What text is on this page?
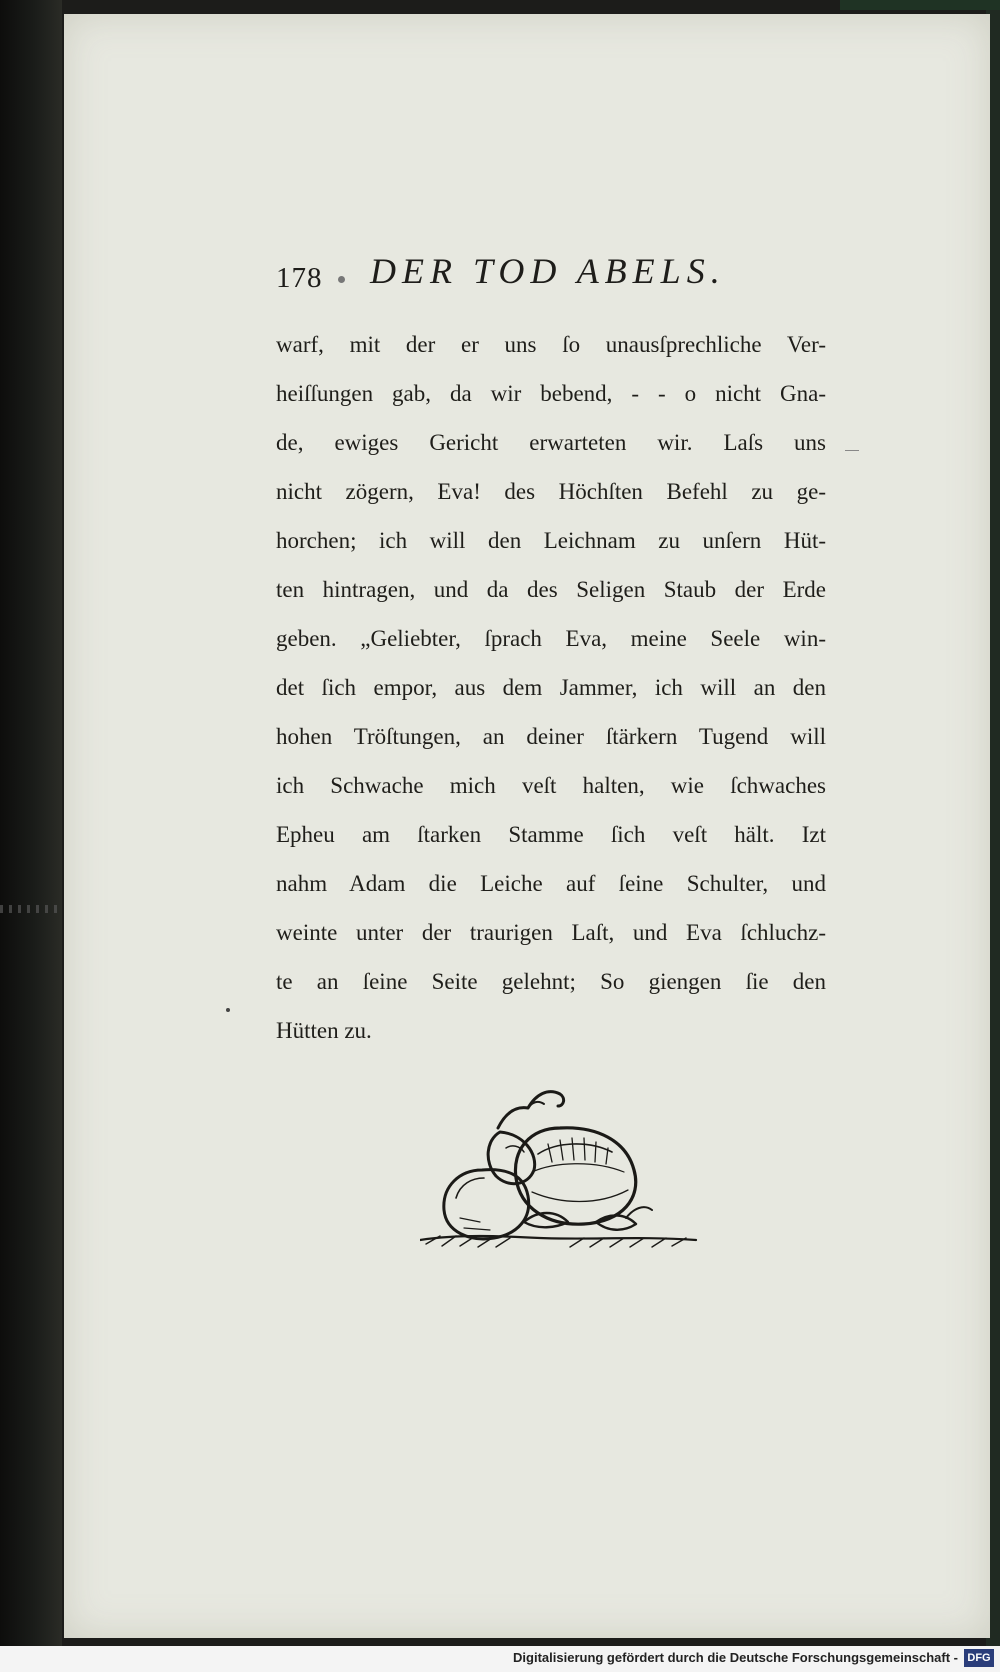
178 DER TOD ABELS.
warf, mit der er uns ſo unausſprechliche Ver-
heiſſungen gab, da wir bebend, - - o nicht Gna-
de, ewiges Gericht erwarteten wir. Laſs uns
nicht zögern, Eva! des Höchſten Befehl zu ge-
horchen; ich will den Leichnam zu unſern Hüt-
ten hintragen, und da des Seligen Staub der Erde
geben. „Geliebter, ſprach Eva, meine Seele win-
det ſich empor, aus dem Jammer, ich will an den
hohen Tröſtungen, an deiner ſtärkern Tugend will
ich Schwache mich veſt halten, wie ſchwaches
Epheu am ſtarken Stamme ſich veſt hält. Izt
nahm Adam die Leiche auf ſeine Schulter, und
weinte unter der traurigen Laſt, und Eva ſchluchz-
te an ſeine Seite gelehnt; So giengen ſie den
Hütten zu.
Digitalisierung gefördert durch die Deutsche Forschungsgemeinschaft - DFG
